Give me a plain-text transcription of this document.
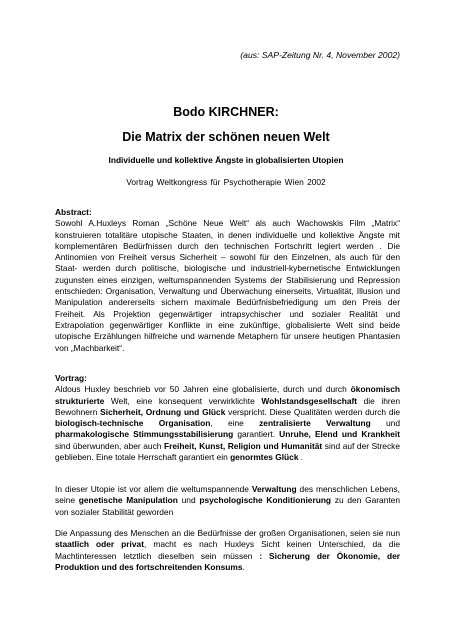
(aus: SAP-Zeitung Nr. 4, November 2002)
Bodo KIRCHNER:
Die Matrix der schönen neuen Welt
Individuelle und kollektive Ängste in globalisierten Utopien
Vortrag Weltkongress für Psychotherapie Wien 2002
Abstract:

Sowohl A.Huxleys Roman „Schöne Neue Welt“ als auch Wachowskis Film „Matrix“ konstruieren totalitäre utopische Staaten, in denen individuelle und kollektive Ängste mit komplementären Bedürfnissen durch den technischen Fortschritt legiert werden . Die Antinomien von Freiheit versus Sicherheit – sowohl für den Einzelnen, als auch für den Staat- werden durch politische, biologische und industriell-kybernetische Entwicklungen zugunsten eines einzigen, weltumspannenden Systems der Stabilisierung und Repression entschieden: Organisation, Verwaltung und Überwachung einerseits, Virtualität, Illusion und Manipulation andererseits sichern maximale Bedürfnisbefriedigung um den Preis der Freiheit. Als Projektion gegenwärtiger intrapsychischer und sozialer Realität und Extrapolation gegenwärtiger Konflikte in eine zukünftige, globalisierte Welt sind beide utopische Erzählungen hilfreiche und warnende Metaphern für unsere heutigen Phantasien von „Machbarkeit“.

Vortrag:

Aldous Huxley beschrieb vor 50 Jahren eine globalisierte, durch und durch ökonomisch strukturierte Welt, eine konsequent verwirklichte Wohlstandsgesellschaft die ihren Bewohnern Sicherheit, Ordnung und Glück verspricht. Diese Qualitäten werden durch die biologisch-technische Organisation, eine zentralisierte Verwaltung und pharmakologische Stimmungsstabilisierung garantiert. Unruhe, Elend und Krankheit sind überwunden, aber auch Freiheit, Kunst, Religion und Humanität sind auf der Strecke geblieben. Eine totale Herrschaft garantiert ein genormtes Glück .

In dieser Utopie ist vor allem die weltumspannende Verwaltung des menschlichen Lebens, seine genetische Manipulation und psychologische Konditionierung zu den Garanten von sozialer Stabilität geworden

Die Anpassung des Menschen an die Bedürfnisse der großen Organisationen, seien sie nun staatlich oder privat, macht es nach Huxleys Sicht keinen Unterschied, da die Machtinteressen letztlich dieselben sein müssen : Sicherung der Ökonomie, der Produktion und des fortschreitenden Konsums.
